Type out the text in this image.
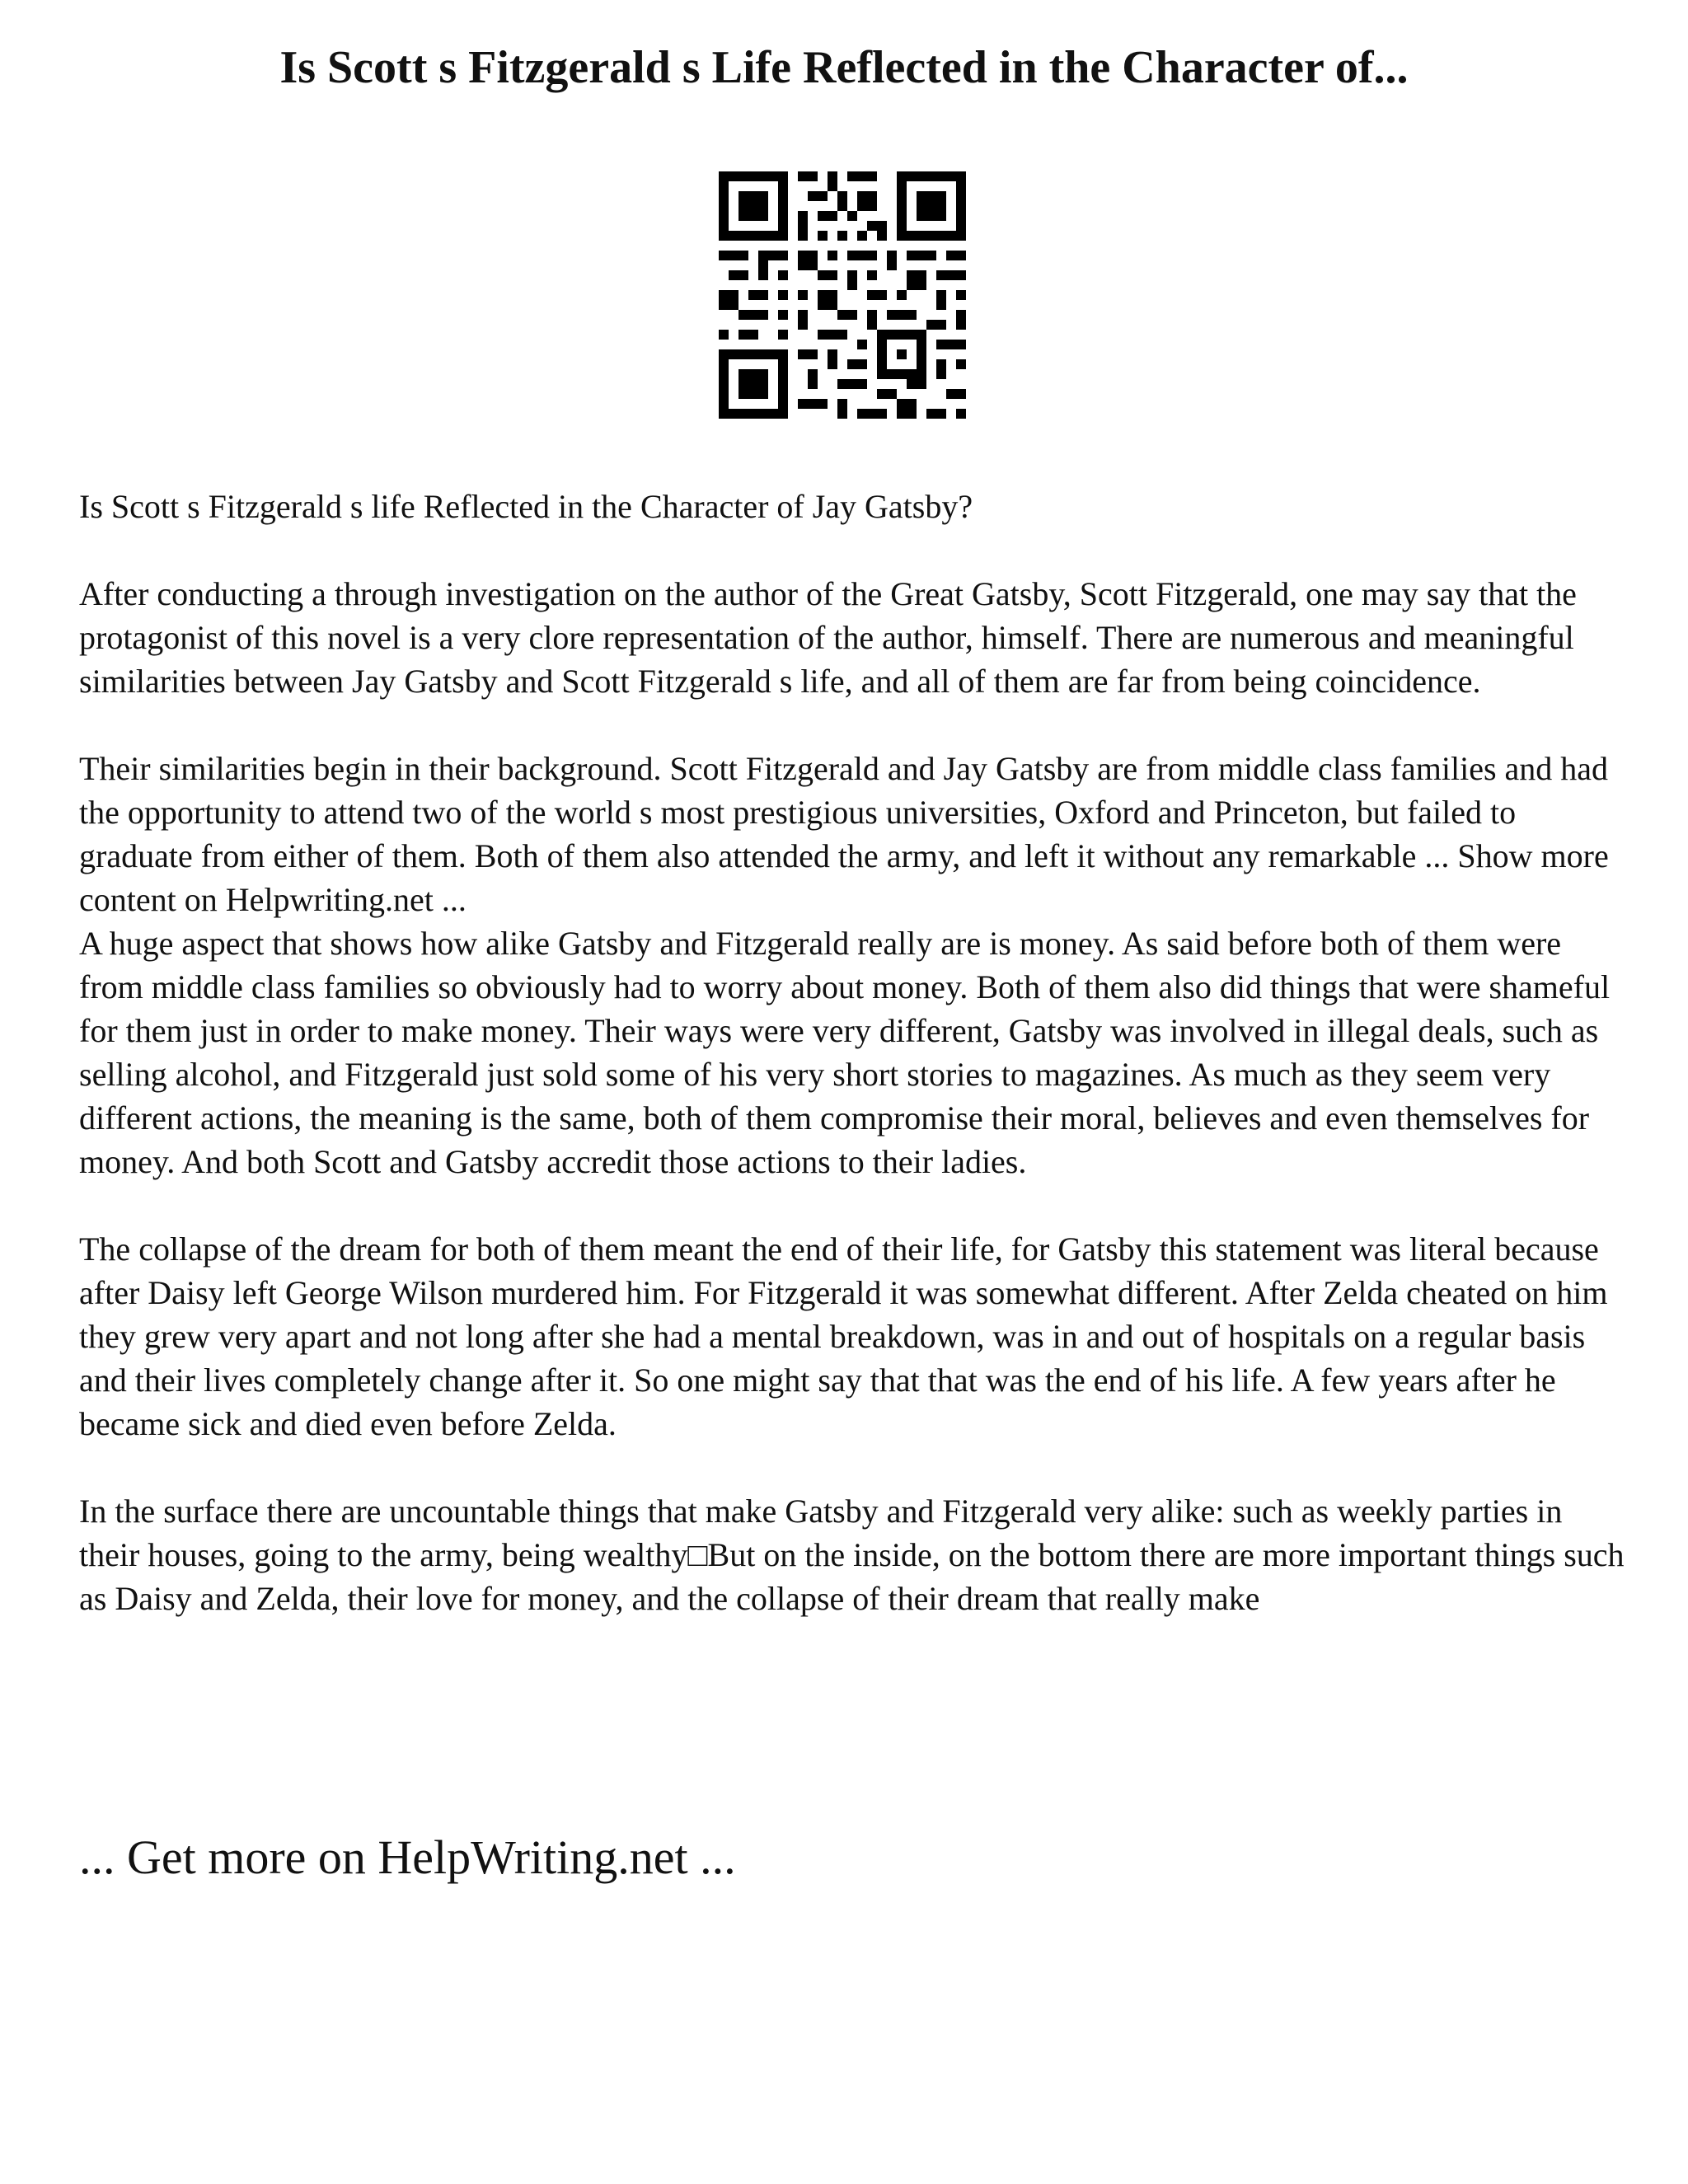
Is Scott s Fitzgerald s Life Reflected in the Character of...

Is Scott s Fitzgerald s life Reflected in the Character of Jay Gatsby?

After conducting a through investigation on the author of the Great Gatsby, Scott Fitzgerald, one may say that the protagonist of this novel is a very clore representation of the author, himself. There are numerous and meaningful similarities between Jay Gatsby and Scott Fitzgerald s life, and all of them are far from being coincidence.

Their similarities begin in their background. Scott Fitzgerald and Jay Gatsby are from middle class families and had the opportunity to attend two of the world s most prestigious universities, Oxford and Princeton, but failed to graduate from either of them. Both of them also attended the army, and left it without any remarkable ... Show more content on Helpwriting.net ...

A huge aspect that shows how alike Gatsby and Fitzgerald really are is money. As said before both of them were from middle class families so obviously had to worry about money. Both of them also did things that were shameful for them just in order to make money. Their ways were very different, Gatsby was involved in illegal deals, such as selling alcohol, and Fitzgerald just sold some of his very short stories to magazines. As much as they seem very different actions, the meaning is the same, both of them compromise their moral, believes and even themselves for money. And both Scott and Gatsby accredit those actions to their ladies.

The collapse of the dream for both of them meant the end of their life, for Gatsby this statement was literal because after Daisy left George Wilson murdered him. For Fitzgerald it was somewhat different. After Zelda cheated on him they grew very apart and not long after she had a mental breakdown, was in and out of hospitals on a regular basis and their lives completely change after it. So one might say that that was the end of his life. A few years after he became sick and died even before Zelda.

In the surface there are uncountable things that make Gatsby and Fitzgerald very alike: such as weekly parties in their houses, going to the army, being wealthy□But on the inside, on the bottom there are more important things such as Daisy and Zelda, their love for money, and the collapse of their dream that really make

... Get more on HelpWriting.net ...
